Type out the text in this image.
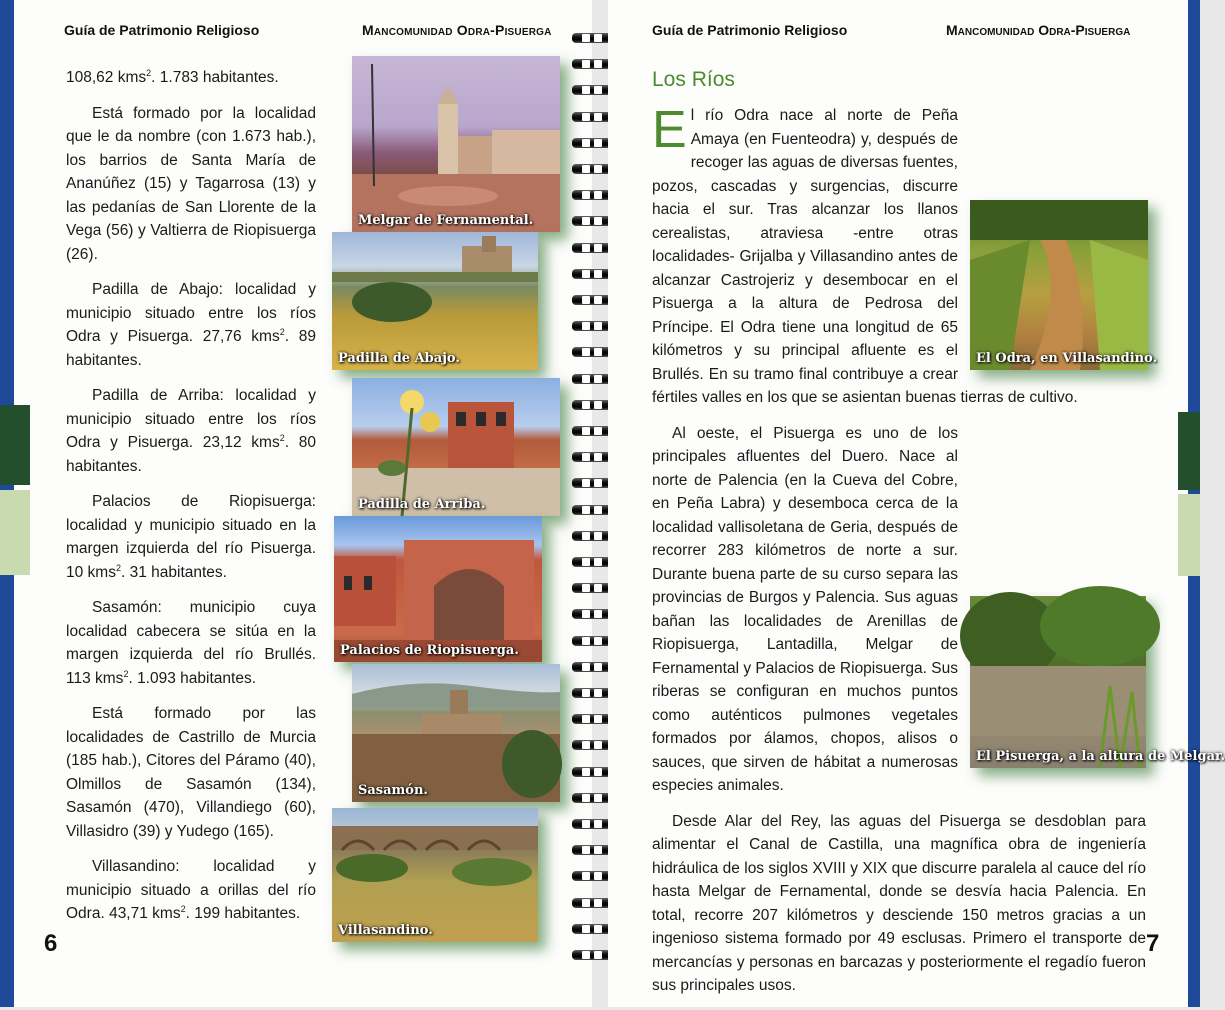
Guía de Patrimonio Religioso	Mancomunidad Odra-Pisuerga

108,62 kms$^2$. 1.783 habitantes.

Está formado por la localidad que le da nombre (con 1.673 hab.), los barrios de Santa María de Ananúñez (15) y Tagarrosa (13) y las pedanías de San Llorente de la Vega (56) y Valtierra de Riopisuerga (26).

Padilla de Abajo: localidad y municipio situado entre los ríos Odra y Pisuerga. 27,76 kms$^2$. 89 habitantes.

Padilla de Arriba: localidad y municipio situado entre los ríos Odra y Pisuerga. 23,12 kms$^2$. 80 habitantes.

Palacios de Riopisuerga: localidad y municipio situado en la margen izquierda del río Pisuerga. 10 kms$^2$. 31 habitantes.

Sasamón: municipio cuya localidad cabecera se sitúa en la margen izquierda del río Brullés. 113 kms$^2$. 1.093 habitantes.

Está formado por las localidades de Castrillo de Murcia (185 hab.), Citores del Páramo (40), Olmillos de Sasamón (134), Sasamón (470), Villandiego (60), Villasidro (39) y Yudego (165).

Villasandino: localidad y municipio situado a orillas del río Odra. 43,71 kms$^2$. 199 habitantes.

Melgar de Fernamental.
Padilla de Abajo.
Padilla de Arriba.
Palacios de Riopisuerga.
Sasamón.
Villasandino.
6
Guía de Patrimonio Religioso	Mancomunidad Odra-Pisuerga
Los Ríos

El río Odra nace al norte de Peña Amaya (en Fuenteodra) y, después de recoger las aguas de diversas fuentes, pozos, cascadas y surgencias, discurre hacia el sur. Tras alcanzar los llanos cerealistas, atraviesa -entre otras localidades- Grijalba y Villasandino antes de alcanzar Castrojeriz y desembocar en el Pisuerga a la altura de Pedrosa del Príncipe. El Odra tiene una longitud de 65 kilómetros y su principal afluente es el Brullés. En su tramo final contribuye a crear fértiles valles en los que se asientan buenas tierras de cultivo.

Al oeste, el Pisuerga es uno de los principales afluentes del Duero. Nace al norte de Palencia (en la Cueva del Cobre, en Peña Labra) y desemboca cerca de la localidad vallisoletana de Geria, después de recorrer 283 kilómetros de norte a sur. Durante buena parte de su curso separa las provincias de Burgos y Palencia. Sus aguas bañan las localidades de Arenillas de Riopisuerga, Lantadilla, Melgar de Fernamental y Palacios de Riopisuerga. Sus riberas se configuran en muchos puntos como auténticos pulmones vegetales formados por álamos, chopos, alisos o sauces, que sirven de hábitat a numerosas especies animales.

Desde Alar del Rey, las aguas del Pisuerga se desdoblan para alimentar el Canal de Castilla, una magnífica obra de ingeniería hidráulica de los siglos XVIII y XIX que discurre paralela al cauce del río hasta Melgar de Fernamental, donde se desvía hacia Palencia. En total, recorre 207 kilómetros y desciende 150 metros gracias a un ingenioso sistema formado por 49 esclusas. Primero el transporte de mercancías y personas en barcazas y posteriormente el regadío fueron sus principales usos.

El Odra, en Villasandino.
El Pisuerga, a la altura de Melgar.
7
